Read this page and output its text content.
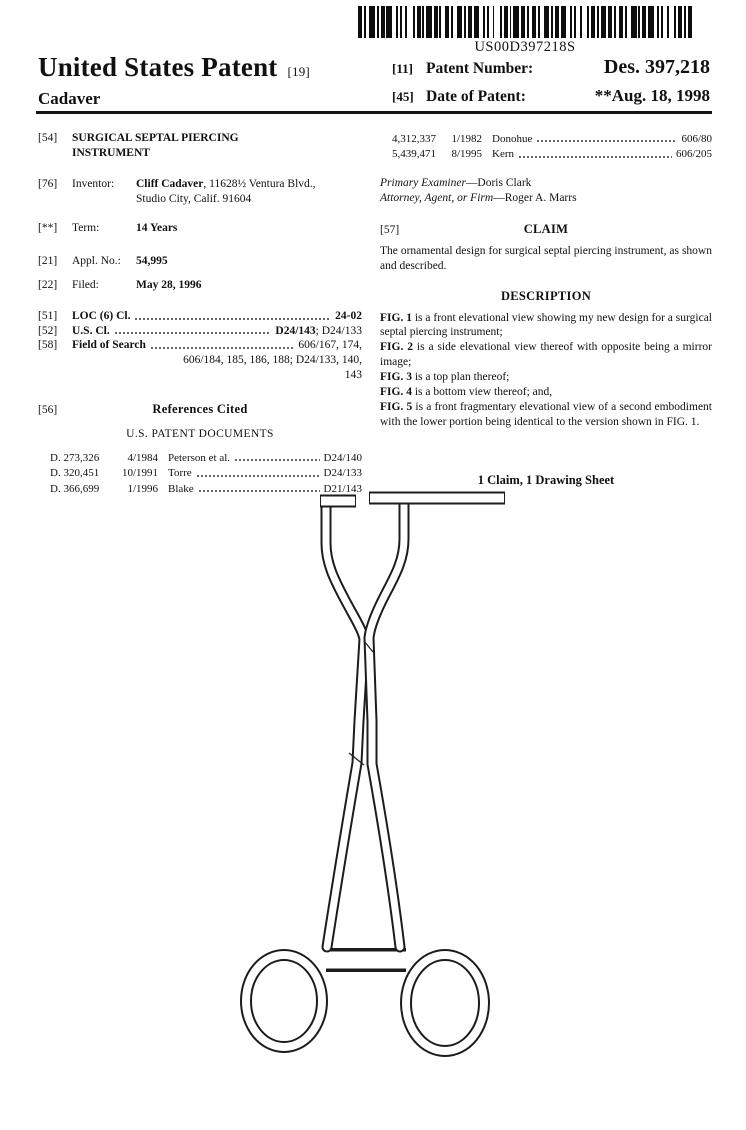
US00D397218S
United States Patent [19]
Cadaver
[11] Patent Number:	Des. 397,218
[45] Date of Patent:	**Aug. 18, 1998
[54]	SURGICAL SEPTAL PIERCING INSTRUMENT
[76]	Inventor:	Cliff Cadaver, 11628½ Ventura Blvd.,
Studio City, Calif. 91604
[**]	Term:	14 Years
[21]	Appl. No.:	54,995
[22]	Filed:	May 28, 1996
[51]	LOC (6) Cl.	24-02
[52]	U.S. Cl.	D24/143; D24/133
[58]	Field of Search	606/167, 174,
606/184, 185, 186, 188; D24/133, 140,
143
[56]	References Cited
U.S. PATENT DOCUMENTS
D. 273,326	4/1984 Peterson et al.	D24/140
D. 320,451	10/1991 Torre	D24/133
D. 366,699	1/1996 Blake	D21/143
4,312,337	1/1982 Donohue	606/80
5,439,471	8/1995 Kern	606/205
Primary Examiner—Doris Clark
Attorney, Agent, or Firm—Roger A. Marrs
[57]	CLAIM
The ornamental design for surgical septal piercing instrument, as shown and described.
DESCRIPTION

FIG. 1 is a front elevational view showing my new design for a surgical septal piercing instrument;

FIG. 2 is a side elevational view thereof with opposite being a mirror image;

FIG. 3 is a top plan thereof;

FIG. 4 is a bottom view thereof; and,

FIG. 5 is a front fragmentary elevational view of a second embodiment with the lower portion being identical to the version shown in FIG. 1.

1 Claim, 1 Drawing Sheet
